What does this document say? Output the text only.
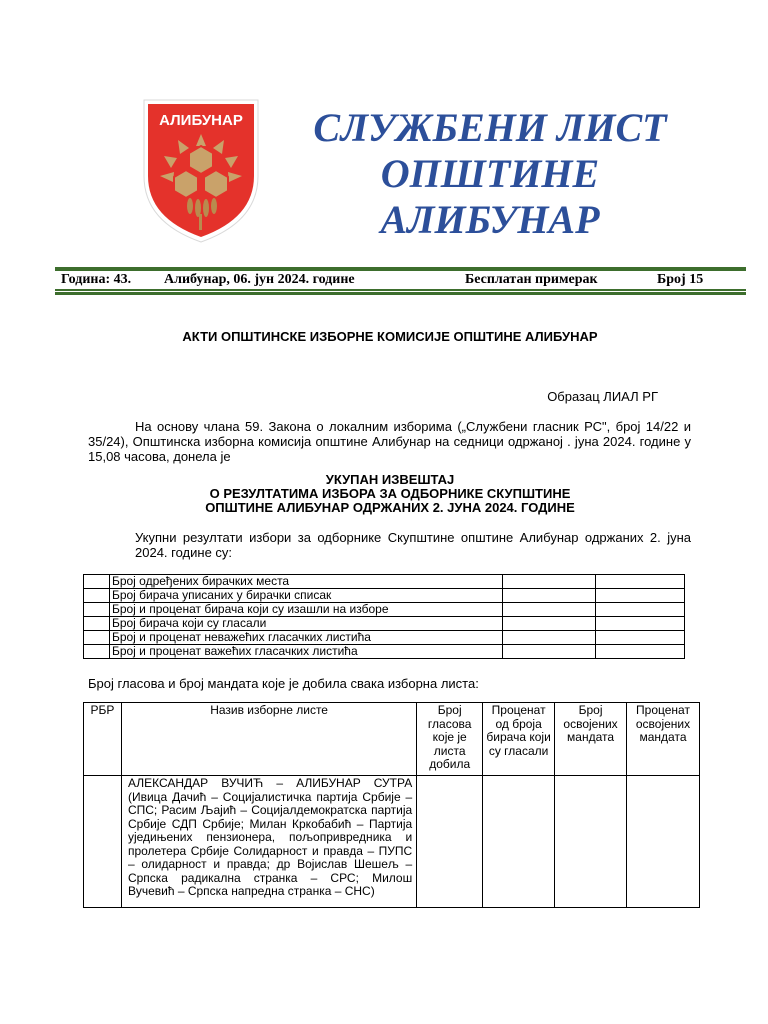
АЛИБУНАР	СЛУЖБЕНИ ЛИСТ
ОПШТИНЕ
АЛИБУНАР
Година: 43. Алибунар, 06. јун 2024. године	Бесплатан примерак	Број 15
АКТИ ОПШТИНСКЕ ИЗБОРНЕ КОМИСИЈЕ ОПШТИНЕ АЛИБУНАР
Образац ЛИАЛ РГ
На основу члана 59. Закона о локалним изборима („Службени гласник РС", број 14/22 и 35/24), Општинска изборна комисија општине Алибунар на седници одржаној . јуна 2024. године у 15,08 часова, донела је
УКУПАН ИЗВЕШТАЈ
О РЕЗУЛТАТИМА ИЗБОРА ЗА ОДБОРНИКЕ СКУПШТИНЕ
ОПШТИНЕ АЛИБУНАР ОДРЖАНИХ 2. ЈУНА 2024. ГОДИНЕ
Укупни резултати избори за одборнике Скупштине општине Алибунар одржаних 2. јуна 2024. године су:
	Број одређених бирачких места		
	Број бирача уписаних у бирачки списак		
	Број и проценат бирача који су изашли на изборе		
	Број бирача који су гласали		
	Број и проценат неважећих гласачких листића		
	Број и проценат важећих гласачких листића		
Број гласова и број мандата које је добила свака изборна листа:
РБР	Назив изборне листе	Број гласова које је листа добила	Проценат од броја бирача који су гласали	Број освојених мандата	Проценат освојених мандата
	АЛЕКСАНДАР ВУЧИЋ – АЛИБУНАР СУТРА (Ивица Дачић – Социјалистичка партија Србије – СПС; Расим Љајић – Социјалдемократска партија Србије СДП Србије; Милан Кркобабић – Партија уједињених пензионера, пољопривредника и пролетера Србије Солидарност и правда – ПУПС – олидарност и правда; др Војислав Шешељ – Српска радикална странка – СРС; Милош Вучевић – Српска напредна странка – СНС)				
